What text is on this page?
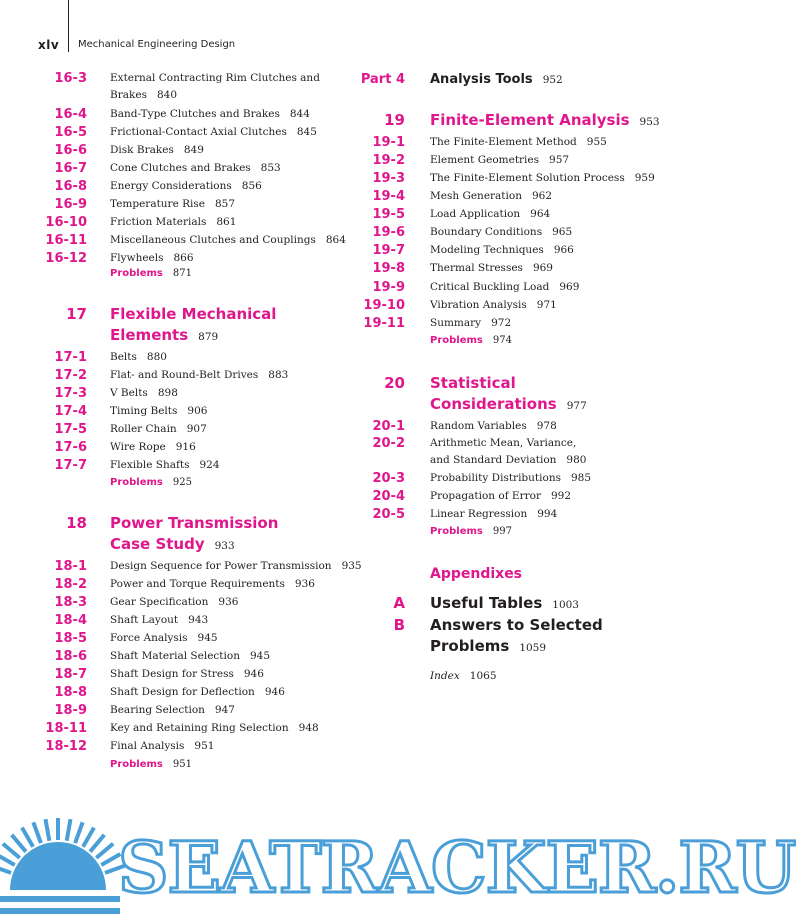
xlv Mechanical Engineering Design
16-3 External Contracting Rim Clutches and
Brakes 840
16-4 Band-Type Clutches and Brakes 844
16-5 Frictional-Contact Axial Clutches 845
16-6 Disk Brakes 849
16-7 Cone Clutches and Brakes 853
16-8 Energy Considerations 856
16-9 Temperature Rise 857
16-10 Friction Materials 861
16-11 Miscellaneous Clutches and Couplings 864
16-12 Flywheels 866
Problems 871
17 Flexible Mechanical
Elements 879
17-1 Belts 880
17-2 Flat- and Round-Belt Drives 883
17-3 V Belts 898
17-4 Timing Belts 906
17-5 Roller Chain 907
17-6 Wire Rope 916
17-7 Flexible Shafts 924
Problems 925
18 Power Transmission
Case Study 933
18-1 Design Sequence for Power Transmission 935
18-2 Power and Torque Requirements 936
18-3 Gear Specification 936
18-4 Shaft Layout 943
18-5 Force Analysis 945
18-6 Shaft Material Selection 945
18-7 Shaft Design for Stress 946
18-8 Shaft Design for Deflection 946
18-9 Bearing Selection 947
18-11 Key and Retaining Ring Selection 948
18-12 Final Analysis 951
Problems 951
Part 4 Analysis Tools 952
19 Finite-Element Analysis 953
19-1 The Finite-Element Method 955
19-2 Element Geometries 957
19-3 The Finite-Element Solution Process 959
19-4 Mesh Generation 962
19-5 Load Application 964
19-6 Boundary Conditions 965
19-7 Modeling Techniques 966
19-8 Thermal Stresses 969
19-9 Critical Buckling Load 969
19-10 Vibration Analysis 971
19-11 Summary 972
Problems 974
20 Statistical
Considerations 977
20-1 Random Variables 978
20-2 Arithmetic Mean, Variance,
and Standard Deviation 980
20-3 Probability Distributions 985
20-4 Propagation of Error 992
20-5 Linear Regression 994
Problems 997
Appendixes
A Useful Tables 1003
B Answers to Selected
Problems 1059
Index 1065
SEATRACKER.RU
